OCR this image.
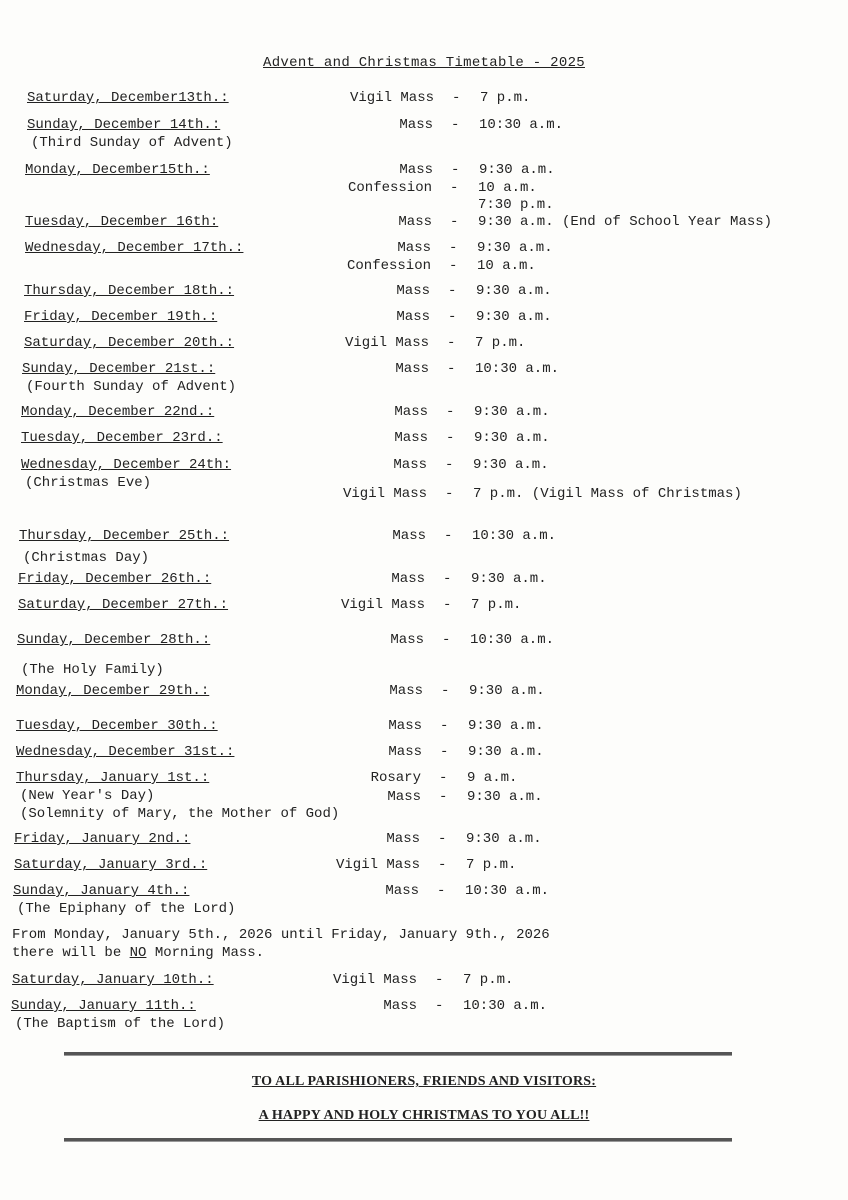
Advent and Christmas Timetable - 2025
Saturday, December13th.:	Vigil Mass - 7 p.m.
Sunday, December 14th.:
(Third Sunday of Advent)
Mass - 10:30 a.m.
Monday, December15th.:	Mass - 9:30 a.m.
Confession - 10 a.m.
7:30 p.m.
Tuesday, December 16th:	Mass - 9:30 a.m. (End of School Year Mass)
Wednesday, December 17th.:	Mass - 9:30 a.m.
Confession - 10 a.m.
Thursday, December 18th.:	Mass - 9:30 a.m.
Friday, December 19th.:	Mass - 9:30 a.m.
Saturday, December 20th.:	Vigil Mass - 7 p.m.
Sunday, December 21st.:
(Fourth Sunday of Advent)
Mass - 10:30 a.m.
Monday, December 22nd.:	Mass - 9:30 a.m.
Tuesday, December 23rd.:	Mass - 9:30 a.m.
Wednesday, December 24th:
(Christmas Eve)
Mass - 9:30 a.m.
Vigil Mass - 7 p.m. (Vigil Mass of Christmas)
Thursday, December 25th.:
(Christmas Day)
Mass - 10:30 a.m.
Friday, December 26th.:	Mass - 9:30 a.m.
Saturday, December 27th.:	Vigil Mass - 7 p.m.
Sunday, December 28th.:
(The Holy Family)
Mass - 10:30 a.m.
Monday, December 29th.:	Mass - 9:30 a.m.
Tuesday, December 30th.:	Mass - 9:30 a.m.
Wednesday, December 31st.:	Mass - 9:30 a.m.
Thursday, January 1st.:
(New Year's Day)
(Solemnity of Mary, the Mother of God)
Rosary - 9 a.m.
Mass - 9:30 a.m.
Friday, January 2nd.:	Mass - 9:30 a.m.
Saturday, January 3rd.:	Vigil Mass - 7 p.m.
Sunday, January 4th.:
(The Epiphany of the Lord)
Mass - 10:30 a.m.
Saturday, January 10th.:	Vigil Mass - 7 p.m.
Sunday, January 11th.:
(The Baptism of the Lord)
Mass - 10:30 a.m.
From Monday, January 5th., 2026 until Friday, January 9th., 2026
there will be NO Morning Mass.
TO ALL PARISHIONERS, FRIENDS AND VISITORS:
A HAPPY AND HOLY CHRISTMAS TO YOU ALL!!
